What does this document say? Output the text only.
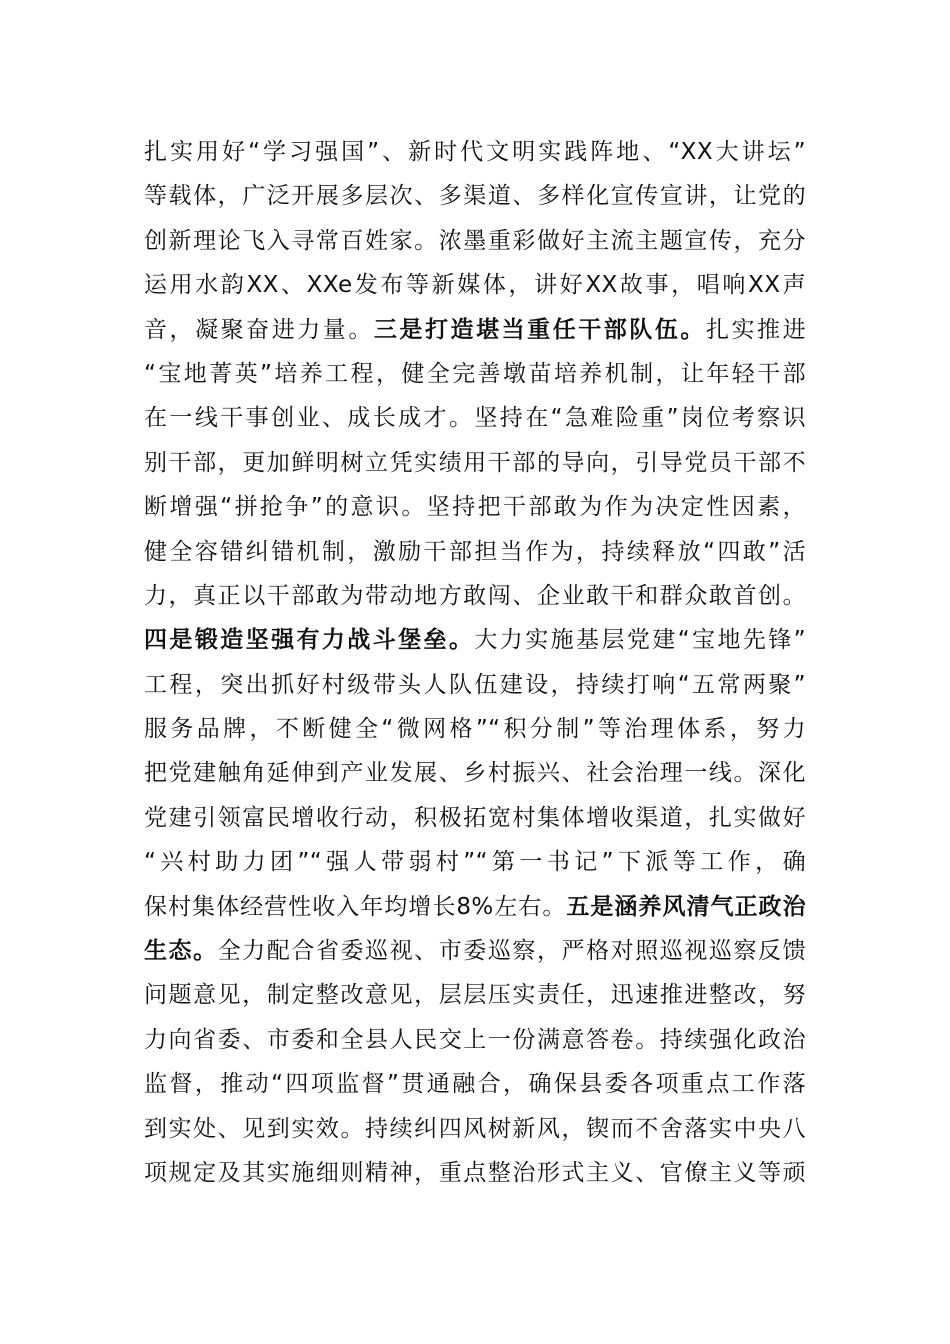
扎实用好“学习强国”、新时代文明实践阵地、“XX大讲坛”
等载体，广泛开展多层次、多渠道、多样化宣传宣讲，让党的
创新理论飞入寻常百姓家。浓墨重彩做好主流主题宣传，充分
运用水韵XX、XXe发布等新媒体，讲好XX故事，唱响XX声
音，凝聚奋进力量。三是打造堪当重任干部队伍。扎实推进
“宝地菁英”培养工程，健全完善墩苗培养机制，让年轻干部
在一线干事创业、成长成才。坚持在“急难险重”岗位考察识
别干部，更加鲜明树立凭实绩用干部的导向，引导党员干部不
断增强“拼抢争”的意识。坚持把干部敢为作为决定性因素，
健全容错纠错机制，激励干部担当作为，持续释放“四敢”活
力，真正以干部敢为带动地方敢闯、企业敢干和群众敢首创。
四是锻造坚强有力战斗堡垒。大力实施基层党建“宝地先锋”
工程，突出抓好村级带头人队伍建设，持续打响“五常两聚”
服务品牌，不断健全“微网格”“积分制”等治理体系，努力
把党建触角延伸到产业发展、乡村振兴、社会治理一线。深化
党建引领富民增收行动，积极拓宽村集体增收渠道，扎实做好
“兴村助力团”“强人带弱村”“第一书记”下派等工作，确
保村集体经营性收入年均增长8%左右。五是涵养风清气正政治
生态。全力配合省委巡视、市委巡察，严格对照巡视巡察反馈
问题意见，制定整改意见，层层压实责任，迅速推进整改，努
力向省委、市委和全县人民交上一份满意答卷。持续强化政治
监督，推动“四项监督”贯通融合，确保县委各项重点工作落
到实处、见到实效。持续纠四风树新风，锲而不舍落实中央八
项规定及其实施细则精神，重点整治形式主义、官僚主义等顽
